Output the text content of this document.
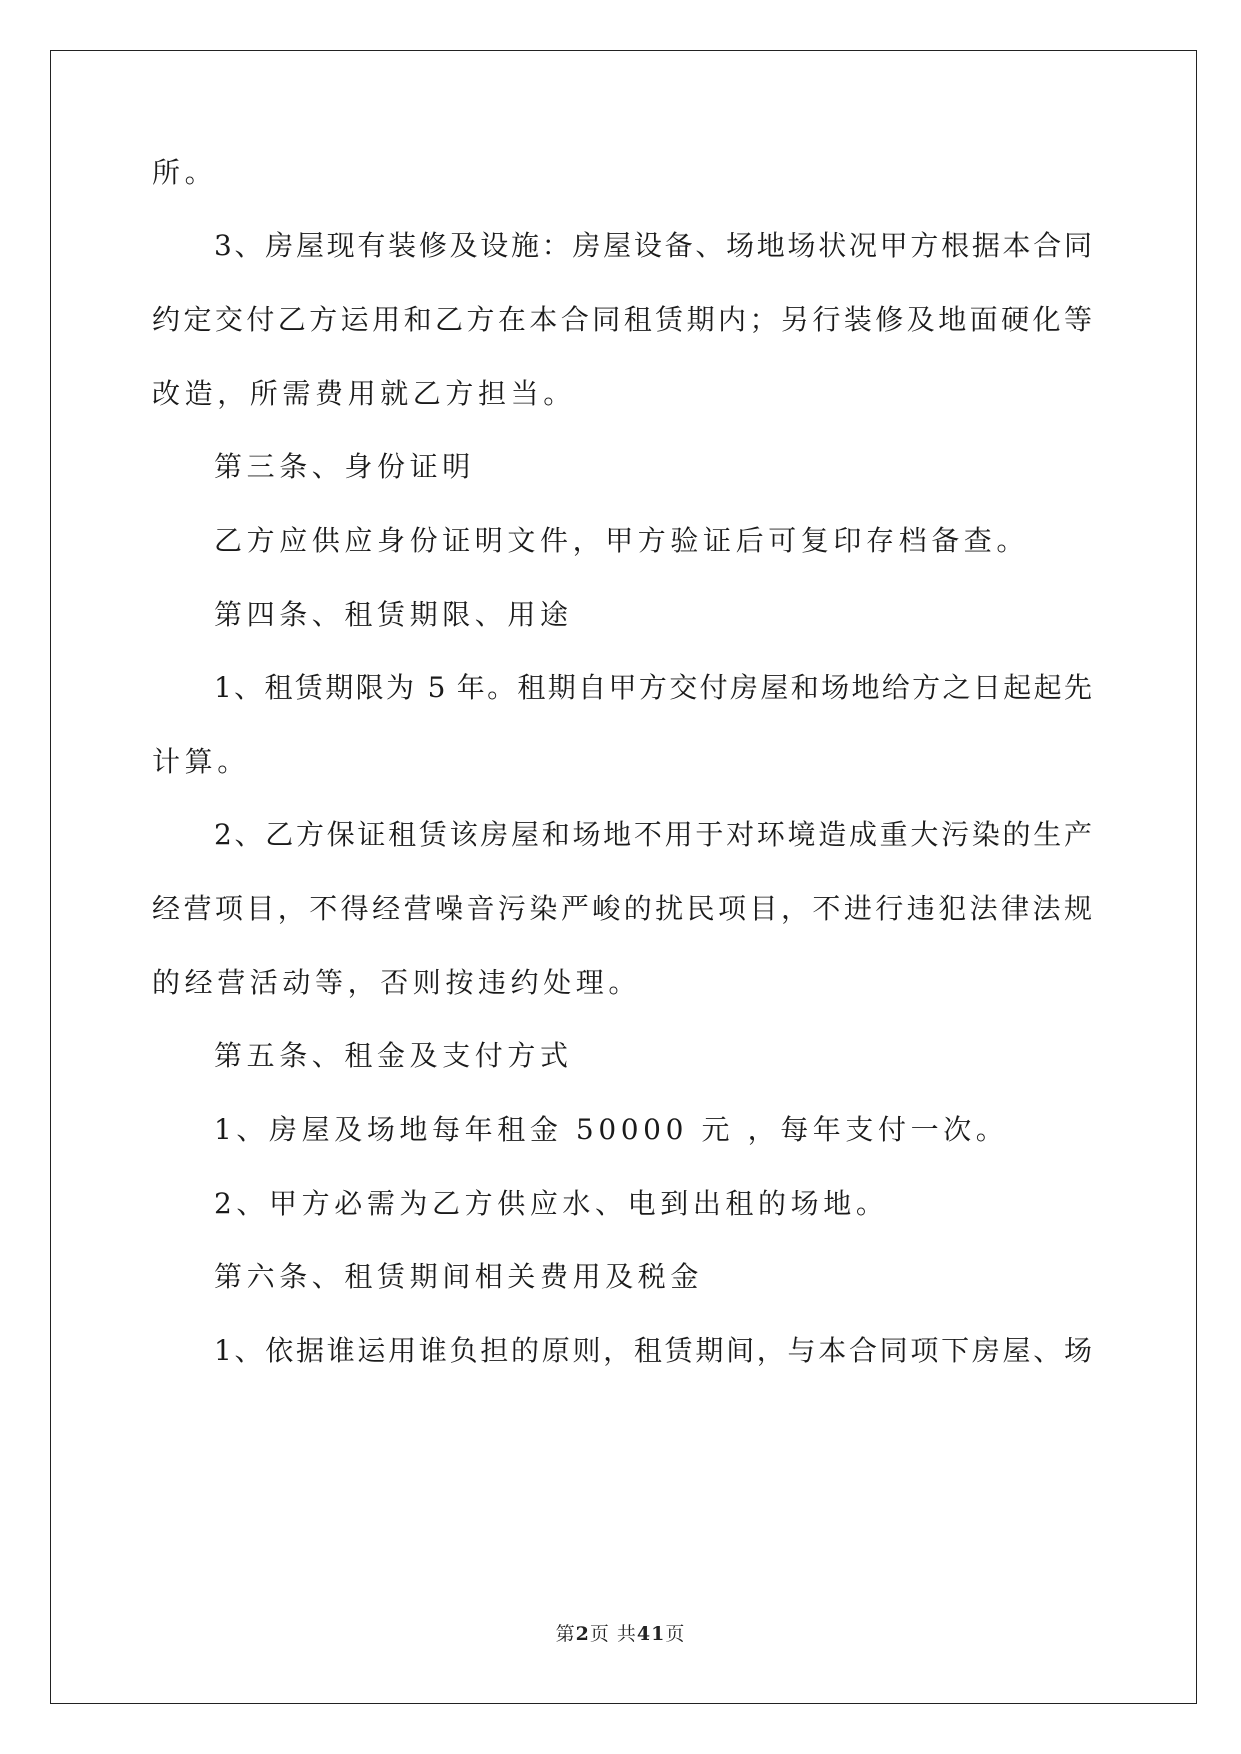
所。
3、房屋现有装修及设施：房屋设备、场地场状况甲方根据本合同
约定交付乙方运用和乙方在本合同租赁期内；另行装修及地面硬化等
改造，所需费用就乙方担当。
第三条、身份证明
乙方应供应身份证明文件，甲方验证后可复印存档备查。
第四条、租赁期限、用途
1、租赁期限为 5 年。租期自甲方交付房屋和场地给方之日起起先
计算。
2、乙方保证租赁该房屋和场地不用于对环境造成重大污染的生产
经营项目，不得经营噪音污染严峻的扰民项目，不进行违犯法律法规
的经营活动等，否则按违约处理。
第五条、租金及支付方式
1、房屋及场地每年租金 50000 元 ，每年支付一次。
2、甲方必需为乙方供应水、电到出租的场地。
第六条、租赁期间相关费用及税金
1、依据谁运用谁负担的原则，租赁期间，与本合同项下房屋、场
第2页 共41页
